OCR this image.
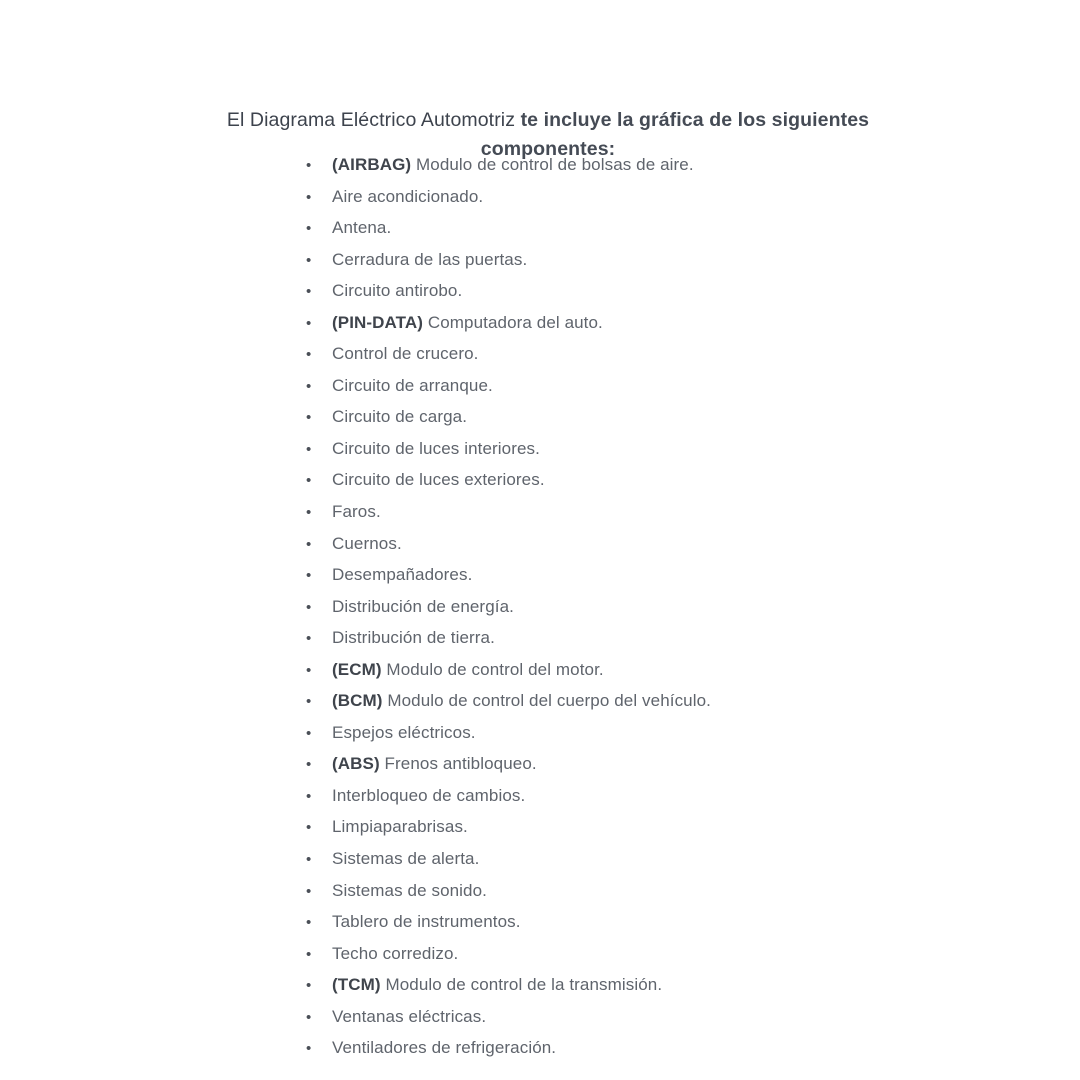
El Diagrama Eléctrico Automotriz te incluye la gráfica de los siguientes componentes:

• (AIRBAG) Modulo de control de bolsas de aire.
• Aire acondicionado.
• Antena.
• Cerradura de las puertas.
• Circuito antirobo.
• (PIN-DATA) Computadora del auto.
• Control de crucero.
• Circuito de arranque.
• Circuito de carga.
• Circuito de luces interiores.
• Circuito de luces exteriores.
• Faros.
• Cuernos.
• Desempañadores.
• Distribución de energía.
• Distribución de tierra.
• (ECM) Modulo de control del motor.
• (BCM) Modulo de control del cuerpo del vehículo.
• Espejos eléctricos.
• (ABS) Frenos antibloqueo.
• Interbloqueo de cambios.
• Limpiaparabrisas.
• Sistemas de alerta.
• Sistemas de sonido.
• Tablero de instrumentos.
• Techo corredizo.
• (TCM) Modulo de control de la transmisión.
• Ventanas eléctricas.
• Ventiladores de refrigeración.
